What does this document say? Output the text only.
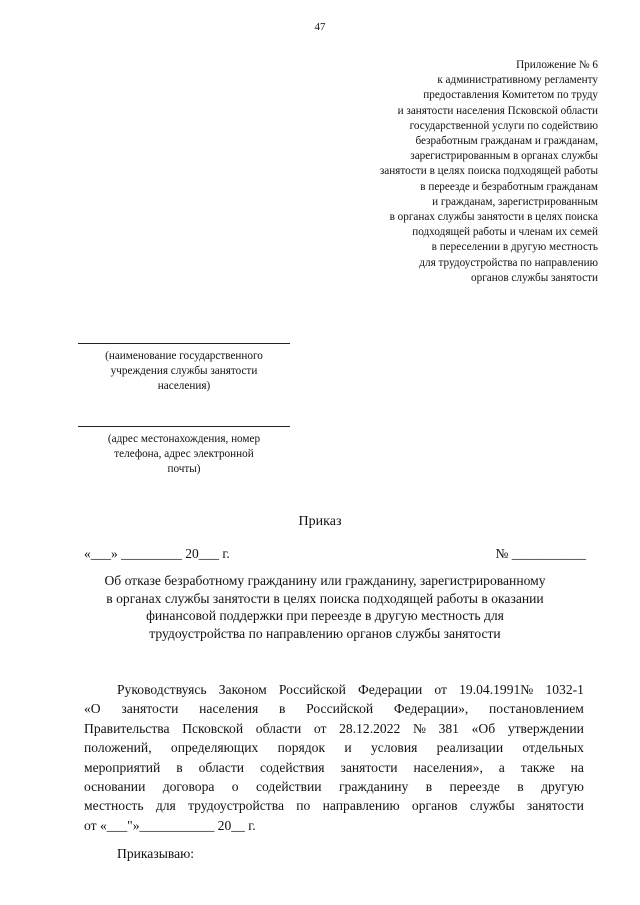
47
Приложение № 6
к административному регламенту
предоставления Комитетом по труду
и занятости населения Псковской области
государственной услуги по содействию
безработным гражданам и гражданам,
зарегистрированным в органах службы
занятости в целях поиска подходящей работы
в переезде и безработным гражданам
и гражданам, зарегистрированным
в органах службы занятости в целях поиска
подходящей работы и членам их семей
в переселении в другую местность
для трудоустройства по направлению
органов службы занятости
(наименование государственного
учреждения службы занятости
населения)
(адрес местонахождения, номер
телефона, адрес электронной
почты)
Приказ
«___» _________ 20___ г.	№ ___________
Об отказе безработному гражданину или гражданину, зарегистрированному
в органах службы занятости в целях поиска подходящей работы в оказании
финансовой поддержки при переезде в другую местность для
трудоустройства по направлению органов службы занятости
Руководствуясь Законом Российской Федерации от 19.04.1991№ 1032-1
«О занятости населения в Российской Федерации», постановлением
Правительства Псковской области от 28.12.2022 № 381 «Об утверждении
положений, определяющих порядок и условия реализации отдельных
мероприятий в области содействия занятости населения», а также на
основании договора о содействии гражданину в переезде в другую
местность для трудоустройства по направлению органов службы занятости
от «___"»___________ 20__ г.
Приказываю:
